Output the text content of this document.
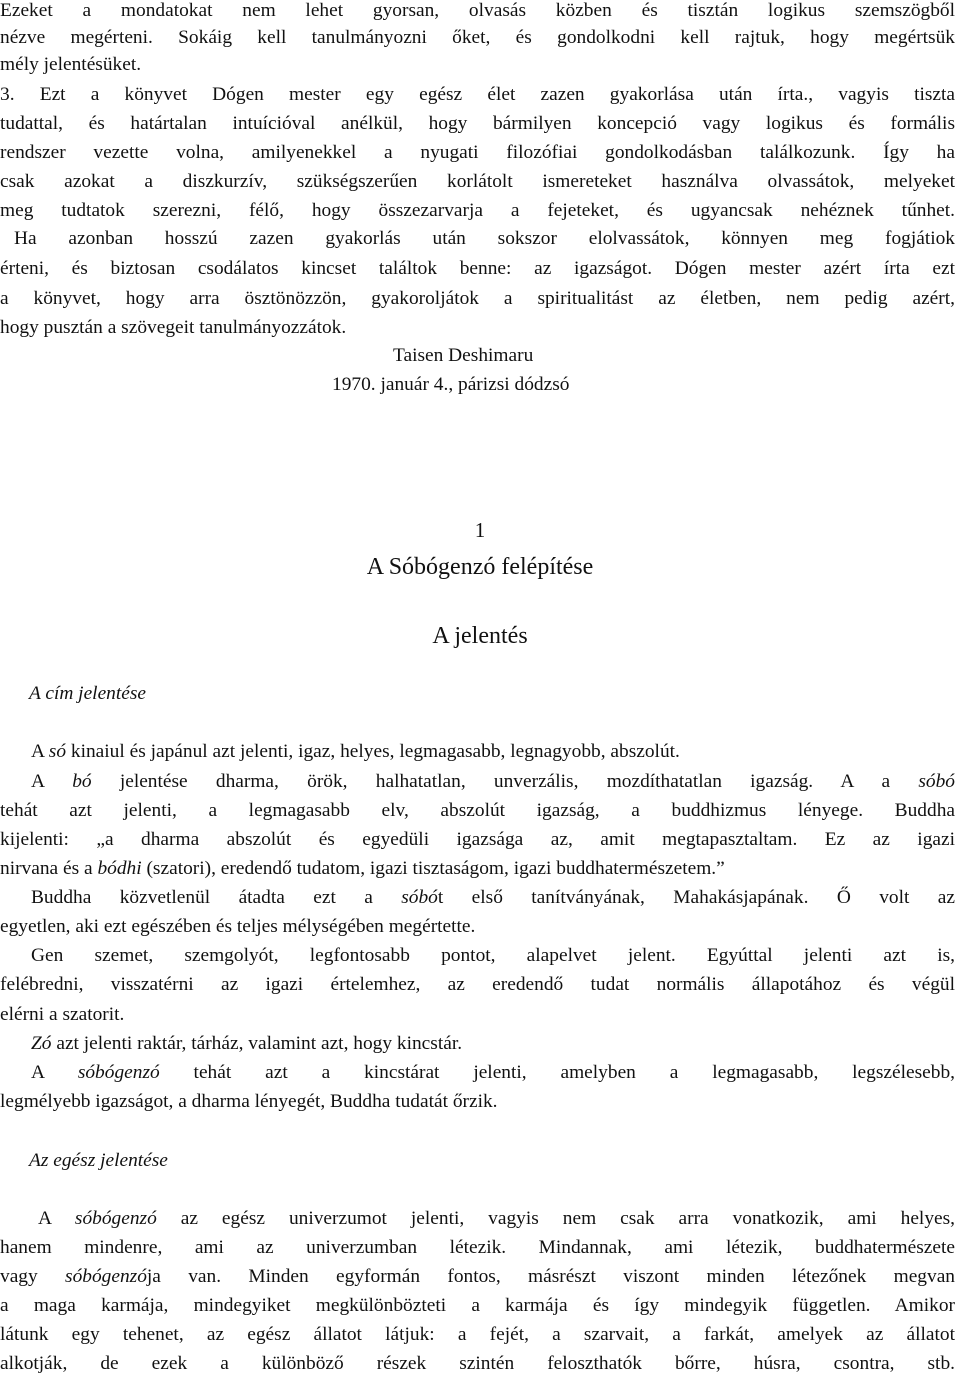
Ezeket a mondatokat nem lehet gyorsan, olvasás közben és tisztán logikus szemszögből
nézve megérteni. Sokáig kell tanulmányozni őket, és gondolkodni kell rajtuk, hogy megértsük
mély jelentésüket.
3. Ezt a könyvet Dógen mester egy egész élet zazen gyakorlása után írta., vagyis tiszta
tudattal, és határtalan intuícióval anélkül, hogy bármilyen koncepció vagy logikus és formális
rendszer vezette volna, amilyenekkel a nyugati filozófiai gondolkodásban találkozunk. Így ha
csak azokat a diszkurzív, szükségszerűen korlátolt ismereteket használva olvassátok, melyeket
meg tudtatok szerezni, félő, hogy összezarvarja a fejeteket, és ugyancsak nehéznek tűnhet.
Ha azonban hosszú zazen gyakorlás után sokszor elolvassátok, könnyen meg fogjátiok
érteni, és biztosan csodálatos kincset találtok benne: az igazságot. Dógen mester azért írta ezt
a könyvet, hogy arra ösztönözzön, gyakoroljátok a spiritualitást az életben, nem pedig azért,
hogy pusztán a szövegeit tanulmányozzátok.
Taisen Deshimaru
1970. január 4., párizsi dódzsó
1
A Sóbógenzó felépítése
A jelentés
A cím jelentése
A só kinaiul és japánul azt jelenti, igaz, helyes, legmagasabb, legnagyobb, abszolút.
A bó jelentése dharma, örök, halhatatlan, unverzális, mozdíthatatlan igazság. A a sóbó
tehát azt jelenti, a legmagasabb elv, abszolút igazság, a buddhizmus lényege. Buddha
kijelenti: „a dharma abszolút és egyedüli igazsága az, amit megtapasztaltam. Ez az igazi
nirvana és a bódhi (szatori), eredendő tudatom, igazi tisztaságom, igazi buddhatermészetem.”
Buddha közvetlenül átadta ezt a sóbót első tanítványának, Mahakásjapának. Ő volt az
egyetlen, aki ezt egészében és teljes mélységében megértette.
Gen szemet, szemgolyót, legfontosabb pontot, alapelvet jelent. Egyúttal jelenti azt is,
felébredni, visszatérni az igazi értelemhez, az eredendő tudat normális állapotához és végül
elérni a szatorit.
Zó azt jelenti raktár, tárház, valamint azt, hogy kincstár.
A sóbógenzó tehát azt a kincstárat jelenti, amelyben a legmagasabb, legszélesebb,
legmélyebb igazságot, a dharma lényegét, Buddha tudatát őrzik.
Az egész jelentése
A sóbógenzó az egész univerzumot jelenti, vagyis nem csak arra vonatkozik, ami helyes,
hanem mindenre, ami az univerzumban létezik. Mindannak, ami létezik, buddhatermészete
vagy sóbógenzója van. Minden egyformán fontos, másrészt viszont minden létezőnek megvan
a maga karmája, mindegyiket megkülönbözteti a karmája és így mindegyik független. Amikor
látunk egy tehenet, az egész állatot látjuk: a fejét, a szarvait, a farkát, amelyek az állatot
alkotják, de ezek a különböző részek szintén feloszthatók bőrre, húsra, csontra, stb.
